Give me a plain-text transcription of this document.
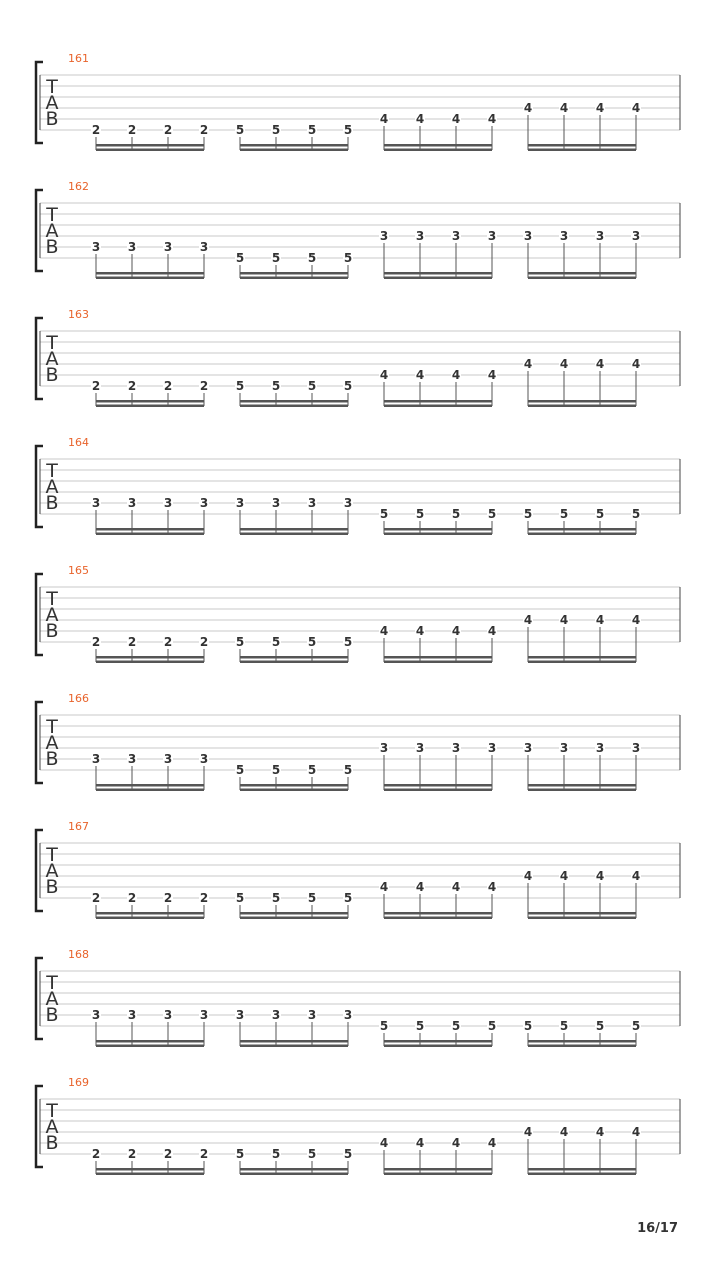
161
T
A
B	2 2 2 2 5 5 5 5
4 4 4 4
4 4 4 4
162
T
A
B	3 3 3 3
5 5 5 5
3 3 3 3 3 3 3 3
163
T
A
B	2 2 2 2 5 5 5 5
4 4 4 4
4 4 4 4
164
T
A
B	3 3 3 3 3 3 3 3
5 5 5 5 5 5 5 5
165
T
A
B	2 2 2 2 5 5 5 5
4 4 4 4
4 4 4 4
166
T
A
B	3 3 3 3
5 5 5 5
3 3 3 3 3 3 3 3
167
T
A
B	2 2 2 2 5 5 5 5
4 4 4 4
4 4 4 4
168
T
A
B	3 3 3 3 3 3 3 3
5 5 5 5 5 5 5 5
169
T
A
B	2 2 2 2 5 5 5 5
4 4 4 4
4 4 4 4
16/17
